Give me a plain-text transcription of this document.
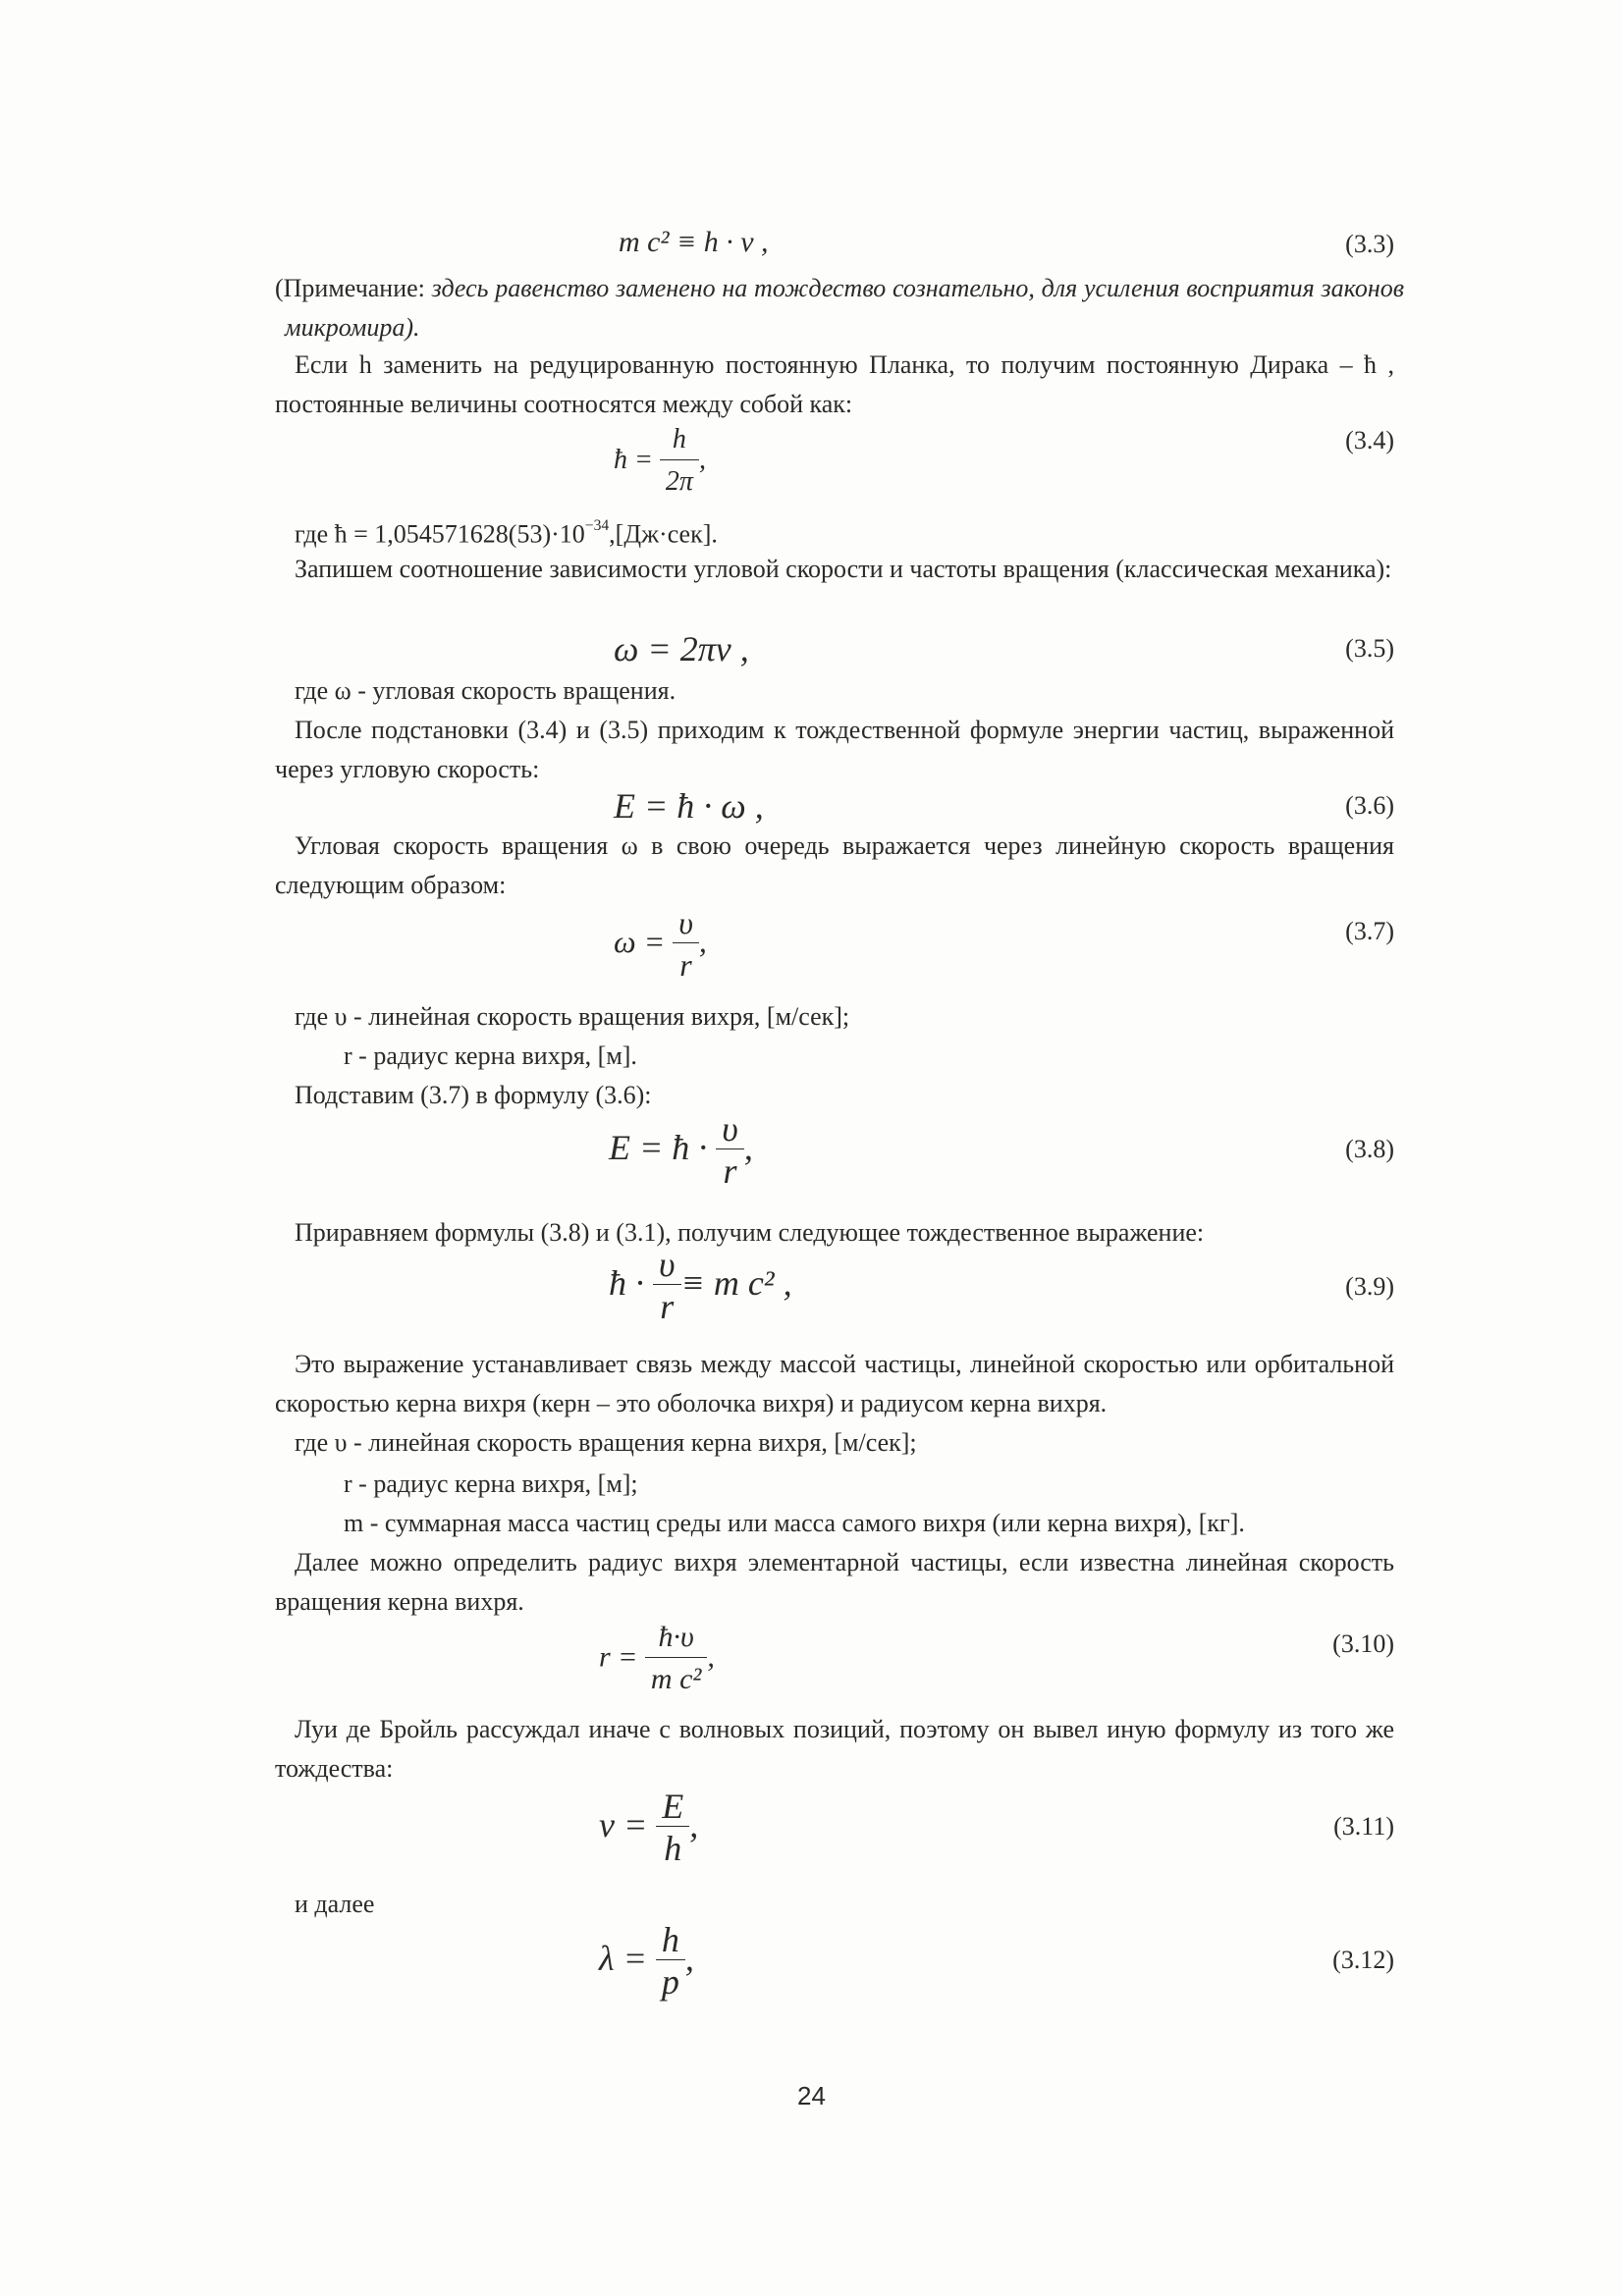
m c² ≡ h · ν ,	(3.3)

(Примечание: здесь равенство заменено на тождество сознательно, для усиления восприятия законов микромира).

Если h заменить на редуцированную постоянную Планка, то получим постоянную Дирака – ħ , постоянные величины соотносятся между собой как:

ħ = $\frac{h}{2\pi}$ ,
(3.4)
где ħ = $1,054571628(53)\cdot 10^{-34},[Дж\cdot сек]$.

Запишем соотношение зависимости угловой скорости и частоты вращения (классическая механика):

ω = 2πν ,	(3.5)
где ω - угловая скорость вращения.

После подстановки (3.4) и (3.5) приходим к тождественной формуле энергии частиц, выраженной через угловую скорость:

E = ħ · ω ,	(3.6)

Угловая скорость вращения ω в свою очередь выражается через линейную скорость вращения следующим образом:

$\omega = \frac{\upsilon}{r}$ ,	(3.7)
где υ - линейная скорость вращения вихря, [м/сек];
r - радиус керна вихря, [м].
Подставим (3.7) в формулу (3.6):
E = ħ · $\frac{\upsilon}{r}$ ,	(3.8)
Приравняем формулы (3.8) и (3.1), получим следующее тождественное выражение:
ħ · $\frac{\upsilon}{r} \equiv m$ c² ,	(3.9)

Это выражение устанавливает связь между массой частицы, линейной скоростью или орбитальной скоростью керна вихря (керн – это оболочка вихря) и радиусом керна вихря.

где υ - линейная скорость вращения керна вихря, [м/сек];
r - радиус керна вихря, [м];
m - суммарная масса частиц среды или масса самого вихря (или керна вихря), [кг].

Далее можно определить радиус вихря элементарной частицы, если известна линейная скорость вращения керна вихря.

$r = \frac{ħ\cdot\upsilon}{\text{m c²}}$ ,	(3.10)

Луи де Бройль рассуждал иначе с волновых позиций, поэтому он вывел иную формулу из того же тождества:

$\nu = \frac{E}{h}$ ,	(3.11)
и далее
$\lambda = \frac{h}{p}$ ,	(3.12)
24
